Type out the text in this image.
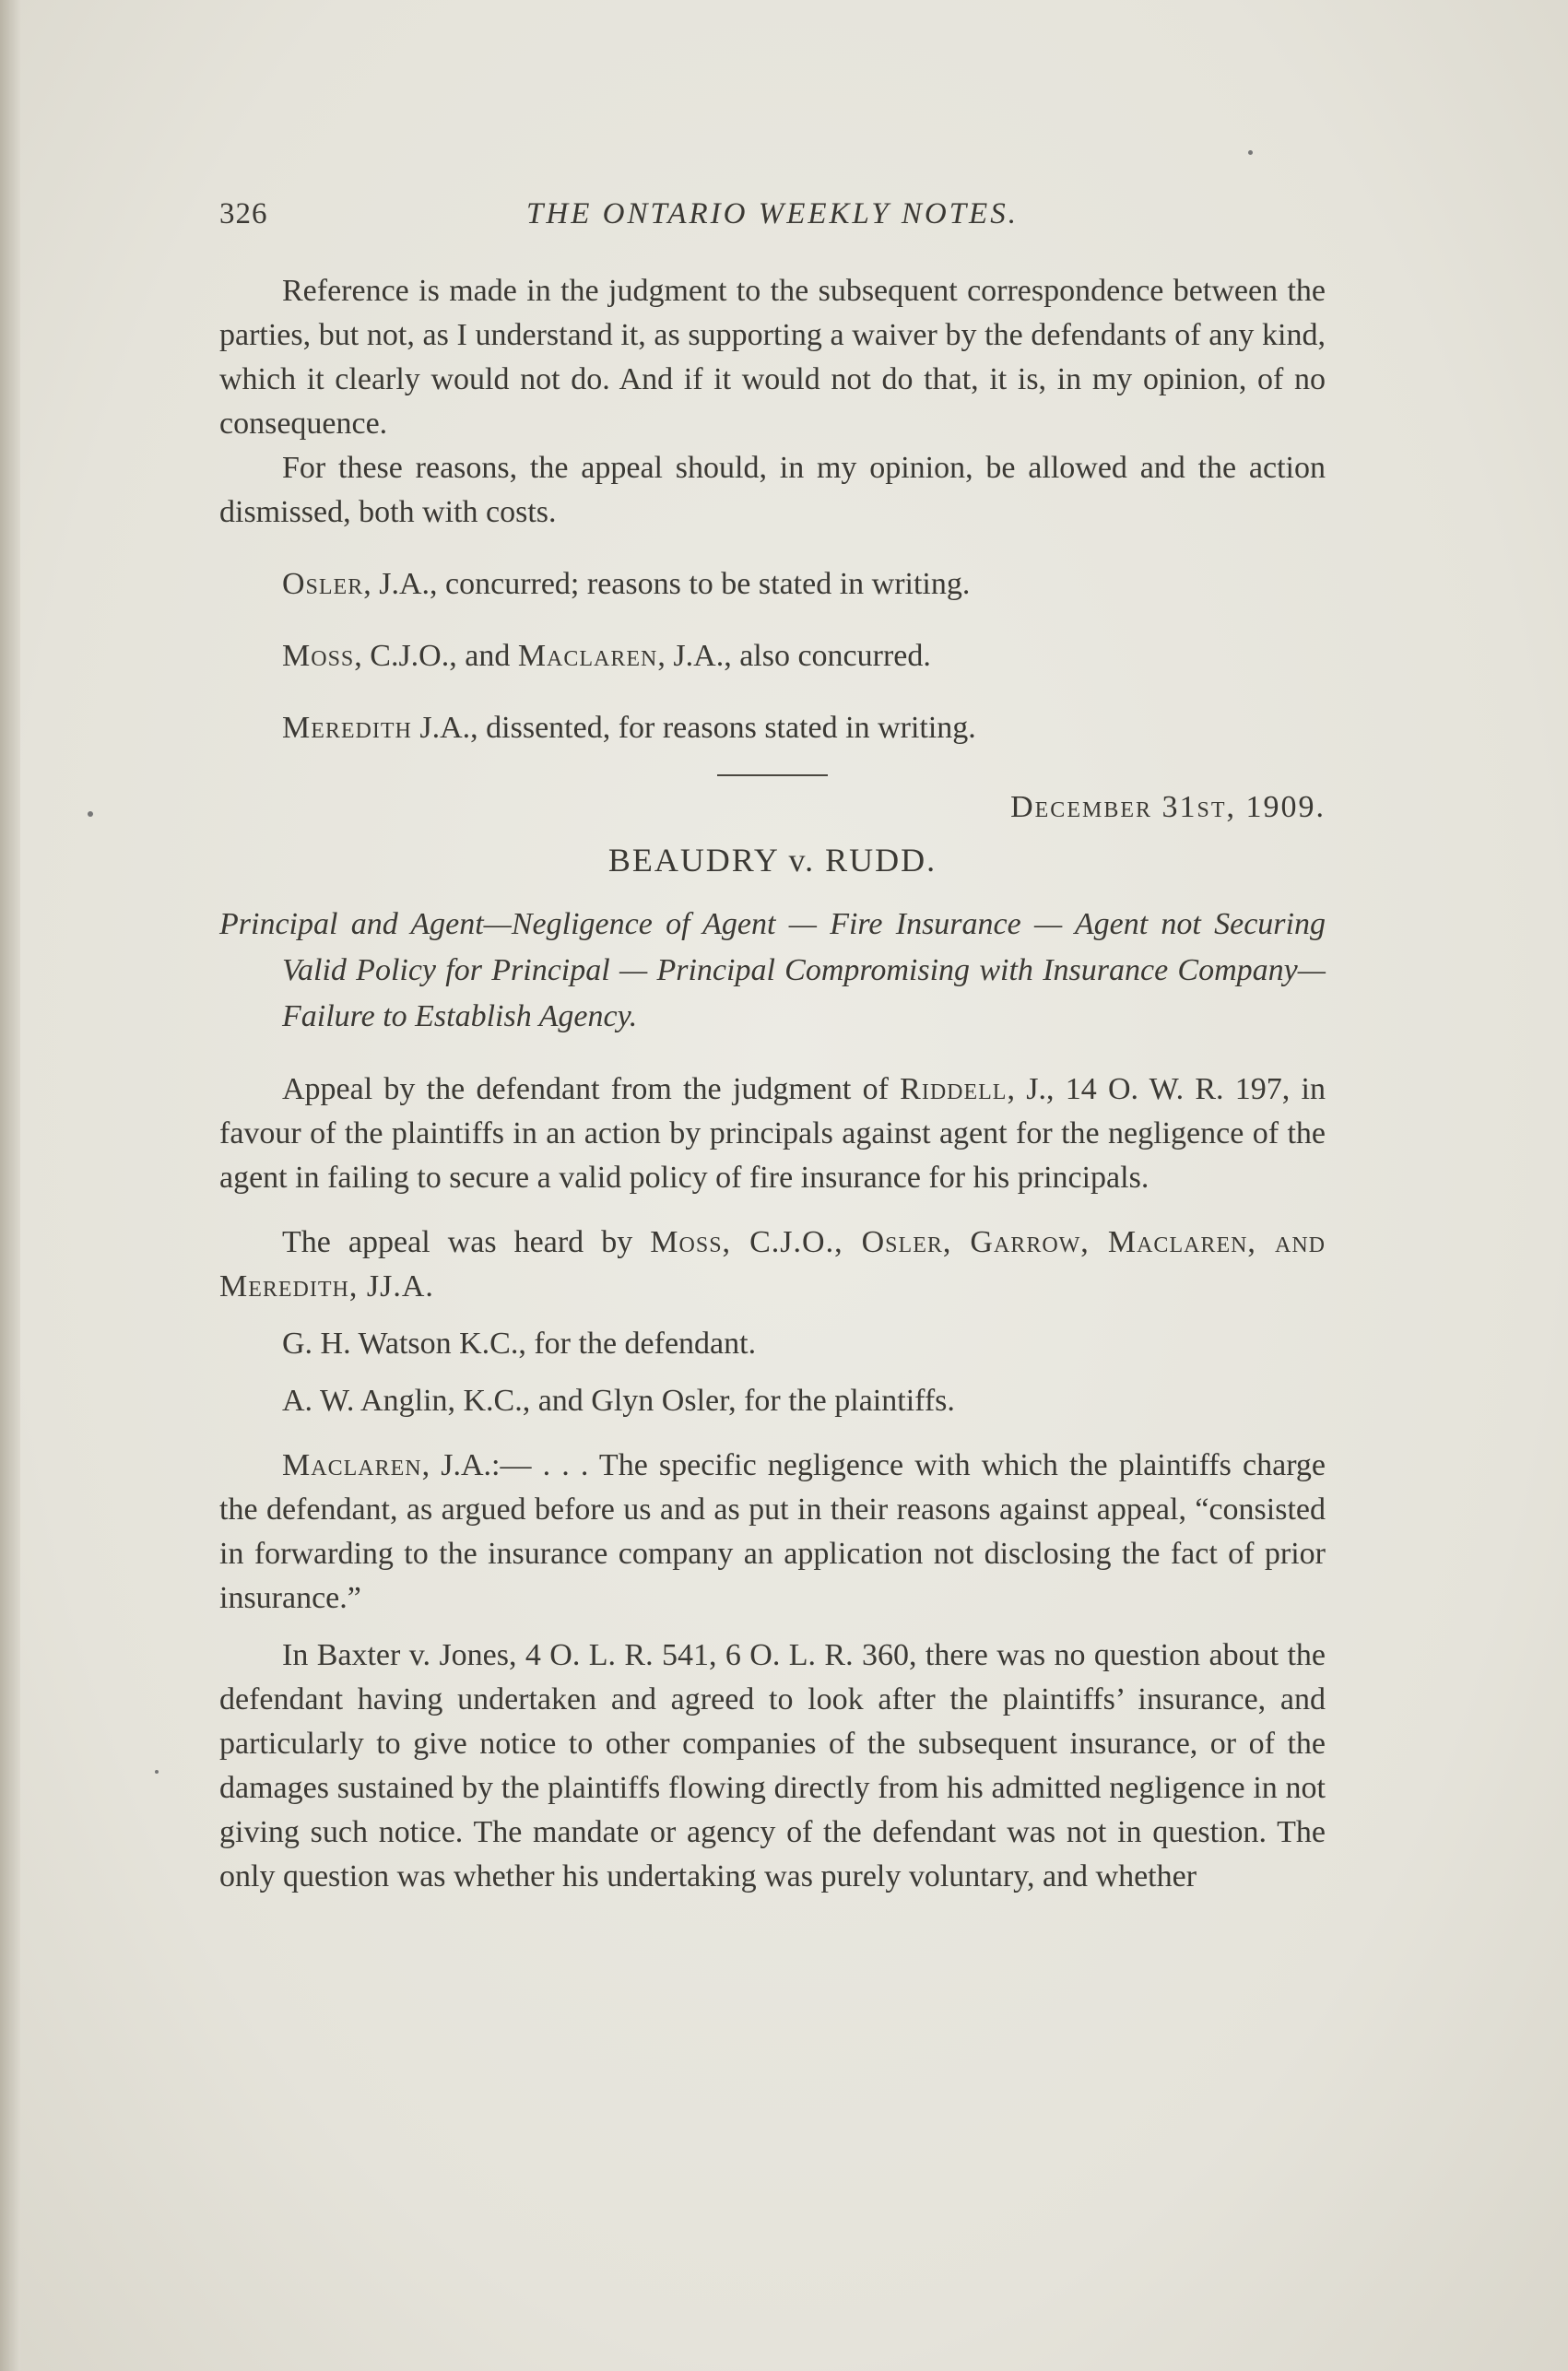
326	THE ONTARIO WEEKLY NOTES.

Reference is made in the judgment to the subsequent correspondence between the parties, but not, as I understand it, as supporting a waiver by the defendants of any kind, which it clearly would not do. And if it would not do that, it is, in my opinion, of no consequence.

For these reasons, the appeal should, in my opinion, be allowed and the action dismissed, both with costs.

Osler, J.A., concurred; reasons to be stated in writing.

Moss, C.J.O., and Maclaren, J.A., also concurred.

Meredith J.A., dissented, for reasons stated in writing.

December 31st, 1909.

BEAUDRY v. RUDD.
Principal and Agent—Negligence of Agent — Fire Insurance — Agent not Securing Valid Policy for Principal — Principal Compromising with Insurance Company—Failure to Establish Agency.

Appeal by the defendant from the judgment of Riddell, J., 14 O. W. R. 197, in favour of the plaintiffs in an action by principals against agent for the negligence of the agent in failing to secure a valid policy of fire insurance for his principals.

The appeal was heard by Moss, C.J.O., Osler, Garrow, Maclaren, and Meredith, JJ.A.

G. H. Watson K.C., for the defendant.

A. W. Anglin, K.C., and Glyn Osler, for the plaintiffs.

Maclaren, J.A.:— . . . The specific negligence with which the plaintiffs charge the defendant, as argued before us and as put in their reasons against appeal, “consisted in forwarding to the insurance company an application not disclosing the fact of prior insurance.”

In Baxter v. Jones, 4 O. L. R. 541, 6 O. L. R. 360, there was no question about the defendant having undertaken and agreed to look after the plaintiffs’ insurance, and particularly to give notice to other companies of the subsequent insurance, or of the damages sustained by the plaintiffs flowing directly from his admitted negligence in not giving such notice. The mandate or agency of the defendant was not in question. The only question was whether his undertaking was purely voluntary, and whether
